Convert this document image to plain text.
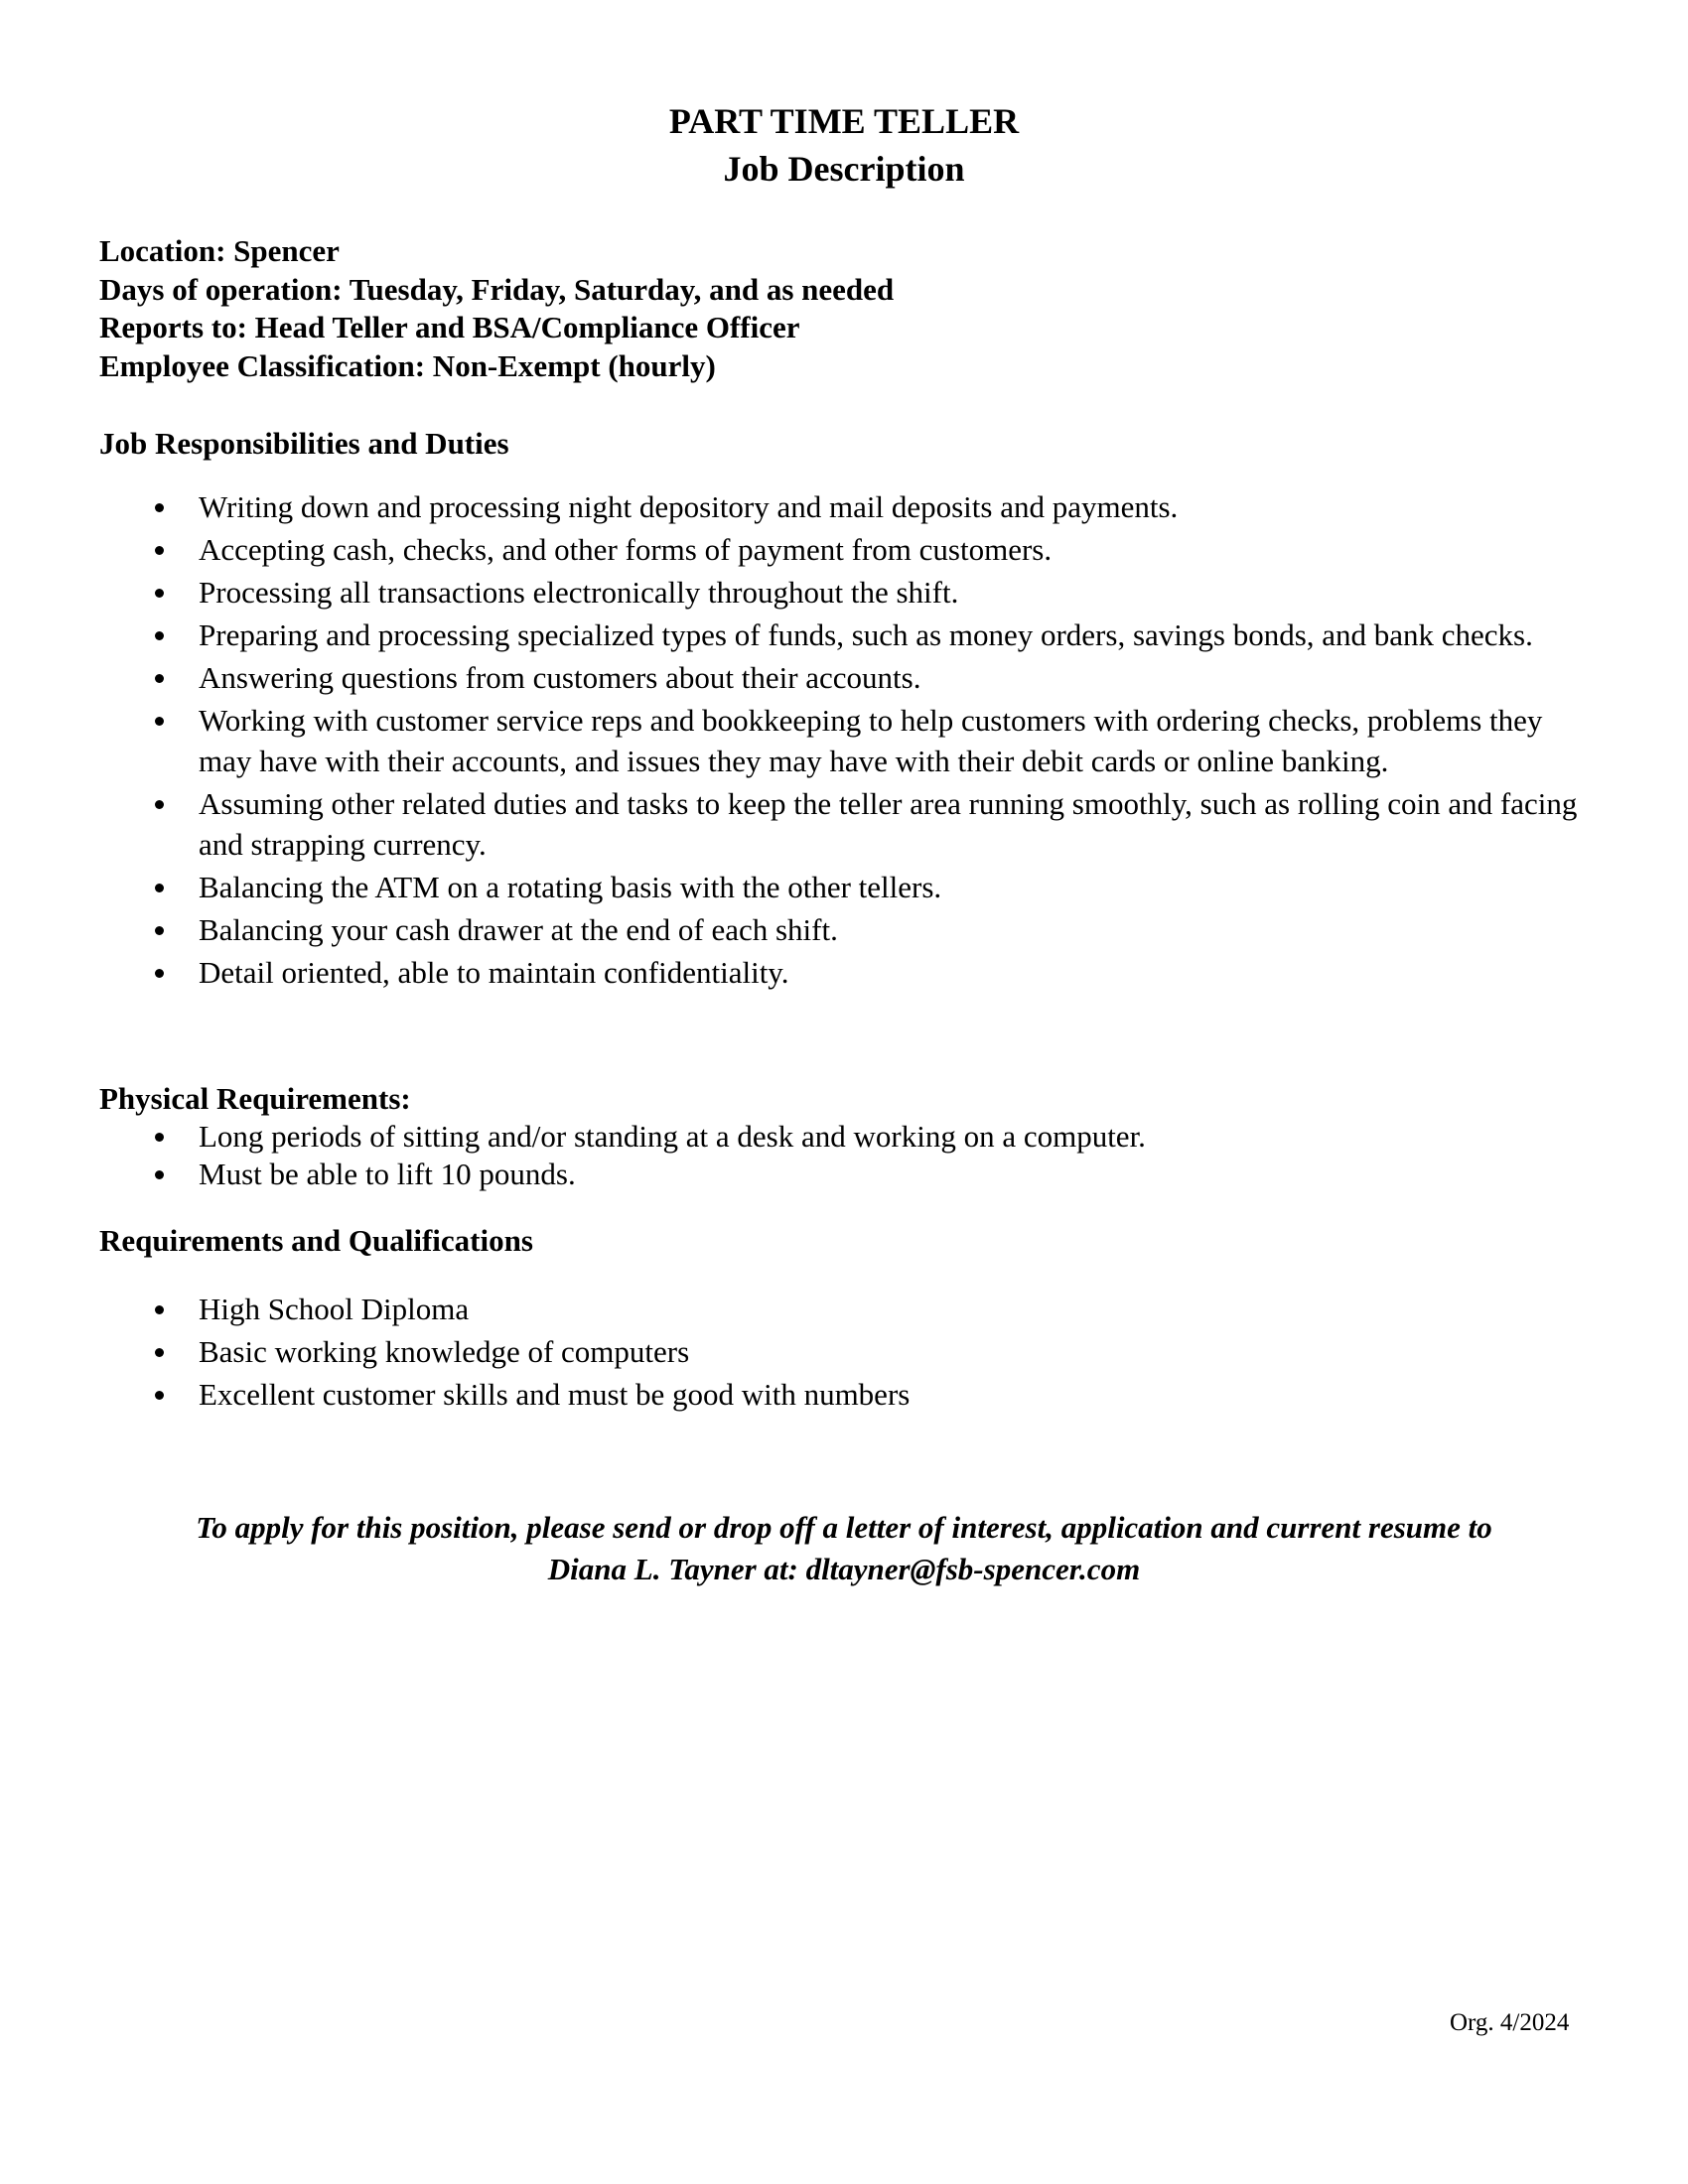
PART TIME TELLER
Job Description
Location: Spencer
Days of operation: Tuesday, Friday, Saturday, and as needed
Reports to: Head Teller and BSA/Compliance Officer
Employee Classification: Non-Exempt (hourly)
Job Responsibilities and Duties
Writing down and processing night depository and mail deposits and payments.
Accepting cash, checks, and other forms of payment from customers.
Processing all transactions electronically throughout the shift.
Preparing and processing specialized types of funds, such as money orders, savings bonds, and bank checks.
Answering questions from customers about their accounts.
Working with customer service reps and bookkeeping to help customers with ordering checks, problems they may have with their accounts, and issues they may have with their debit cards or online banking.
Assuming other related duties and tasks to keep the teller area running smoothly, such as rolling coin and facing and strapping currency.
Balancing the ATM on a rotating basis with the other tellers.
Balancing your cash drawer at the end of each shift.
Detail oriented, able to maintain confidentiality.
Physical Requirements:
Long periods of sitting and/or standing at a desk and working on a computer.
Must be able to lift 10 pounds.
Requirements and Qualifications
High School Diploma
Basic working knowledge of computers
Excellent customer skills and must be good with numbers
To apply for this position, please send or drop off a letter of interest, application and current resume to
Diana L. Tayner at: dltayner@fsb-spencer.com
Org. 4/2024
